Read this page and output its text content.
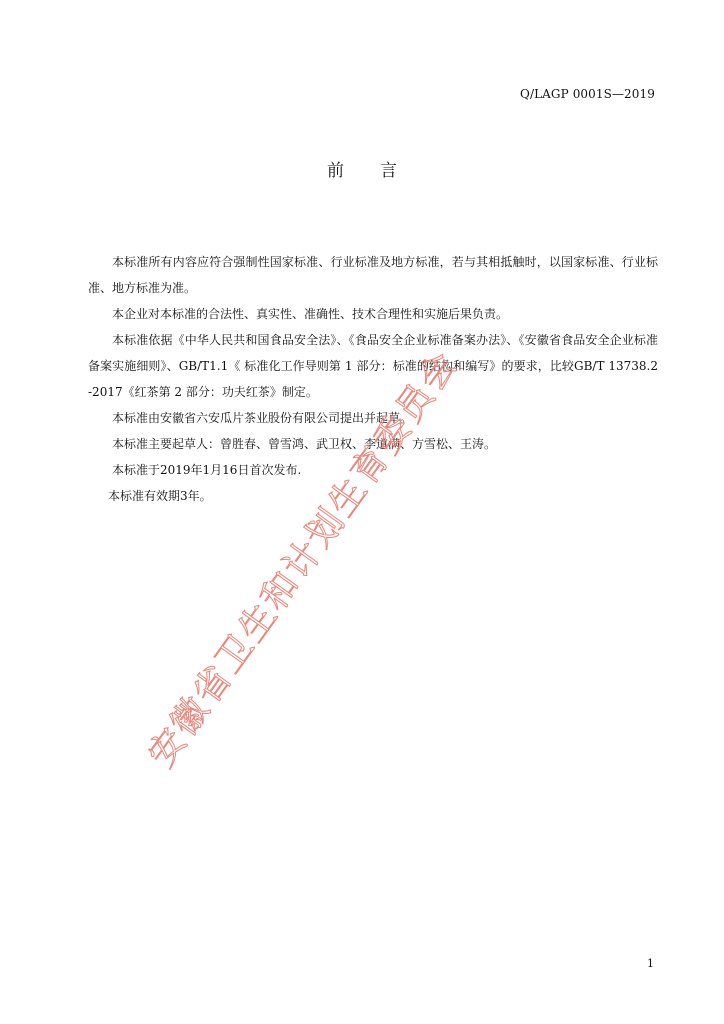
Q/LAGP 0001S—2019
前 言

本标准所有内容应符合强制性国家标准、行业标准及地方标准，若与其相抵触时，以国家标准、行业标准、地方标准为准。

本企业对本标准的合法性、真实性、准确性、技术合理性和实施后果负责。

本标准依据《中华人民共和国食品安全法》、《食品安全企业标准备案办法》、《安徽省食品安全企业标准备案实施细则》、GB/T1.1《 标准化工作导则第 1 部分：标准的结构和编写》的要求，比较GB/T 13738.2-2017《红茶第 2 部分：功夫红茶》制定。

本标准由安徽省六安瓜片茶业股份有限公司提出并起草。

本标准主要起草人：曾胜春、曾雪鸿、武卫权、李道满、方雪松、王涛。

本标准于2019年1月16日首次发布.

本标准有效期3年。

安
徽
省
卫
生
和
计
划
生
育
委
员
会
1
